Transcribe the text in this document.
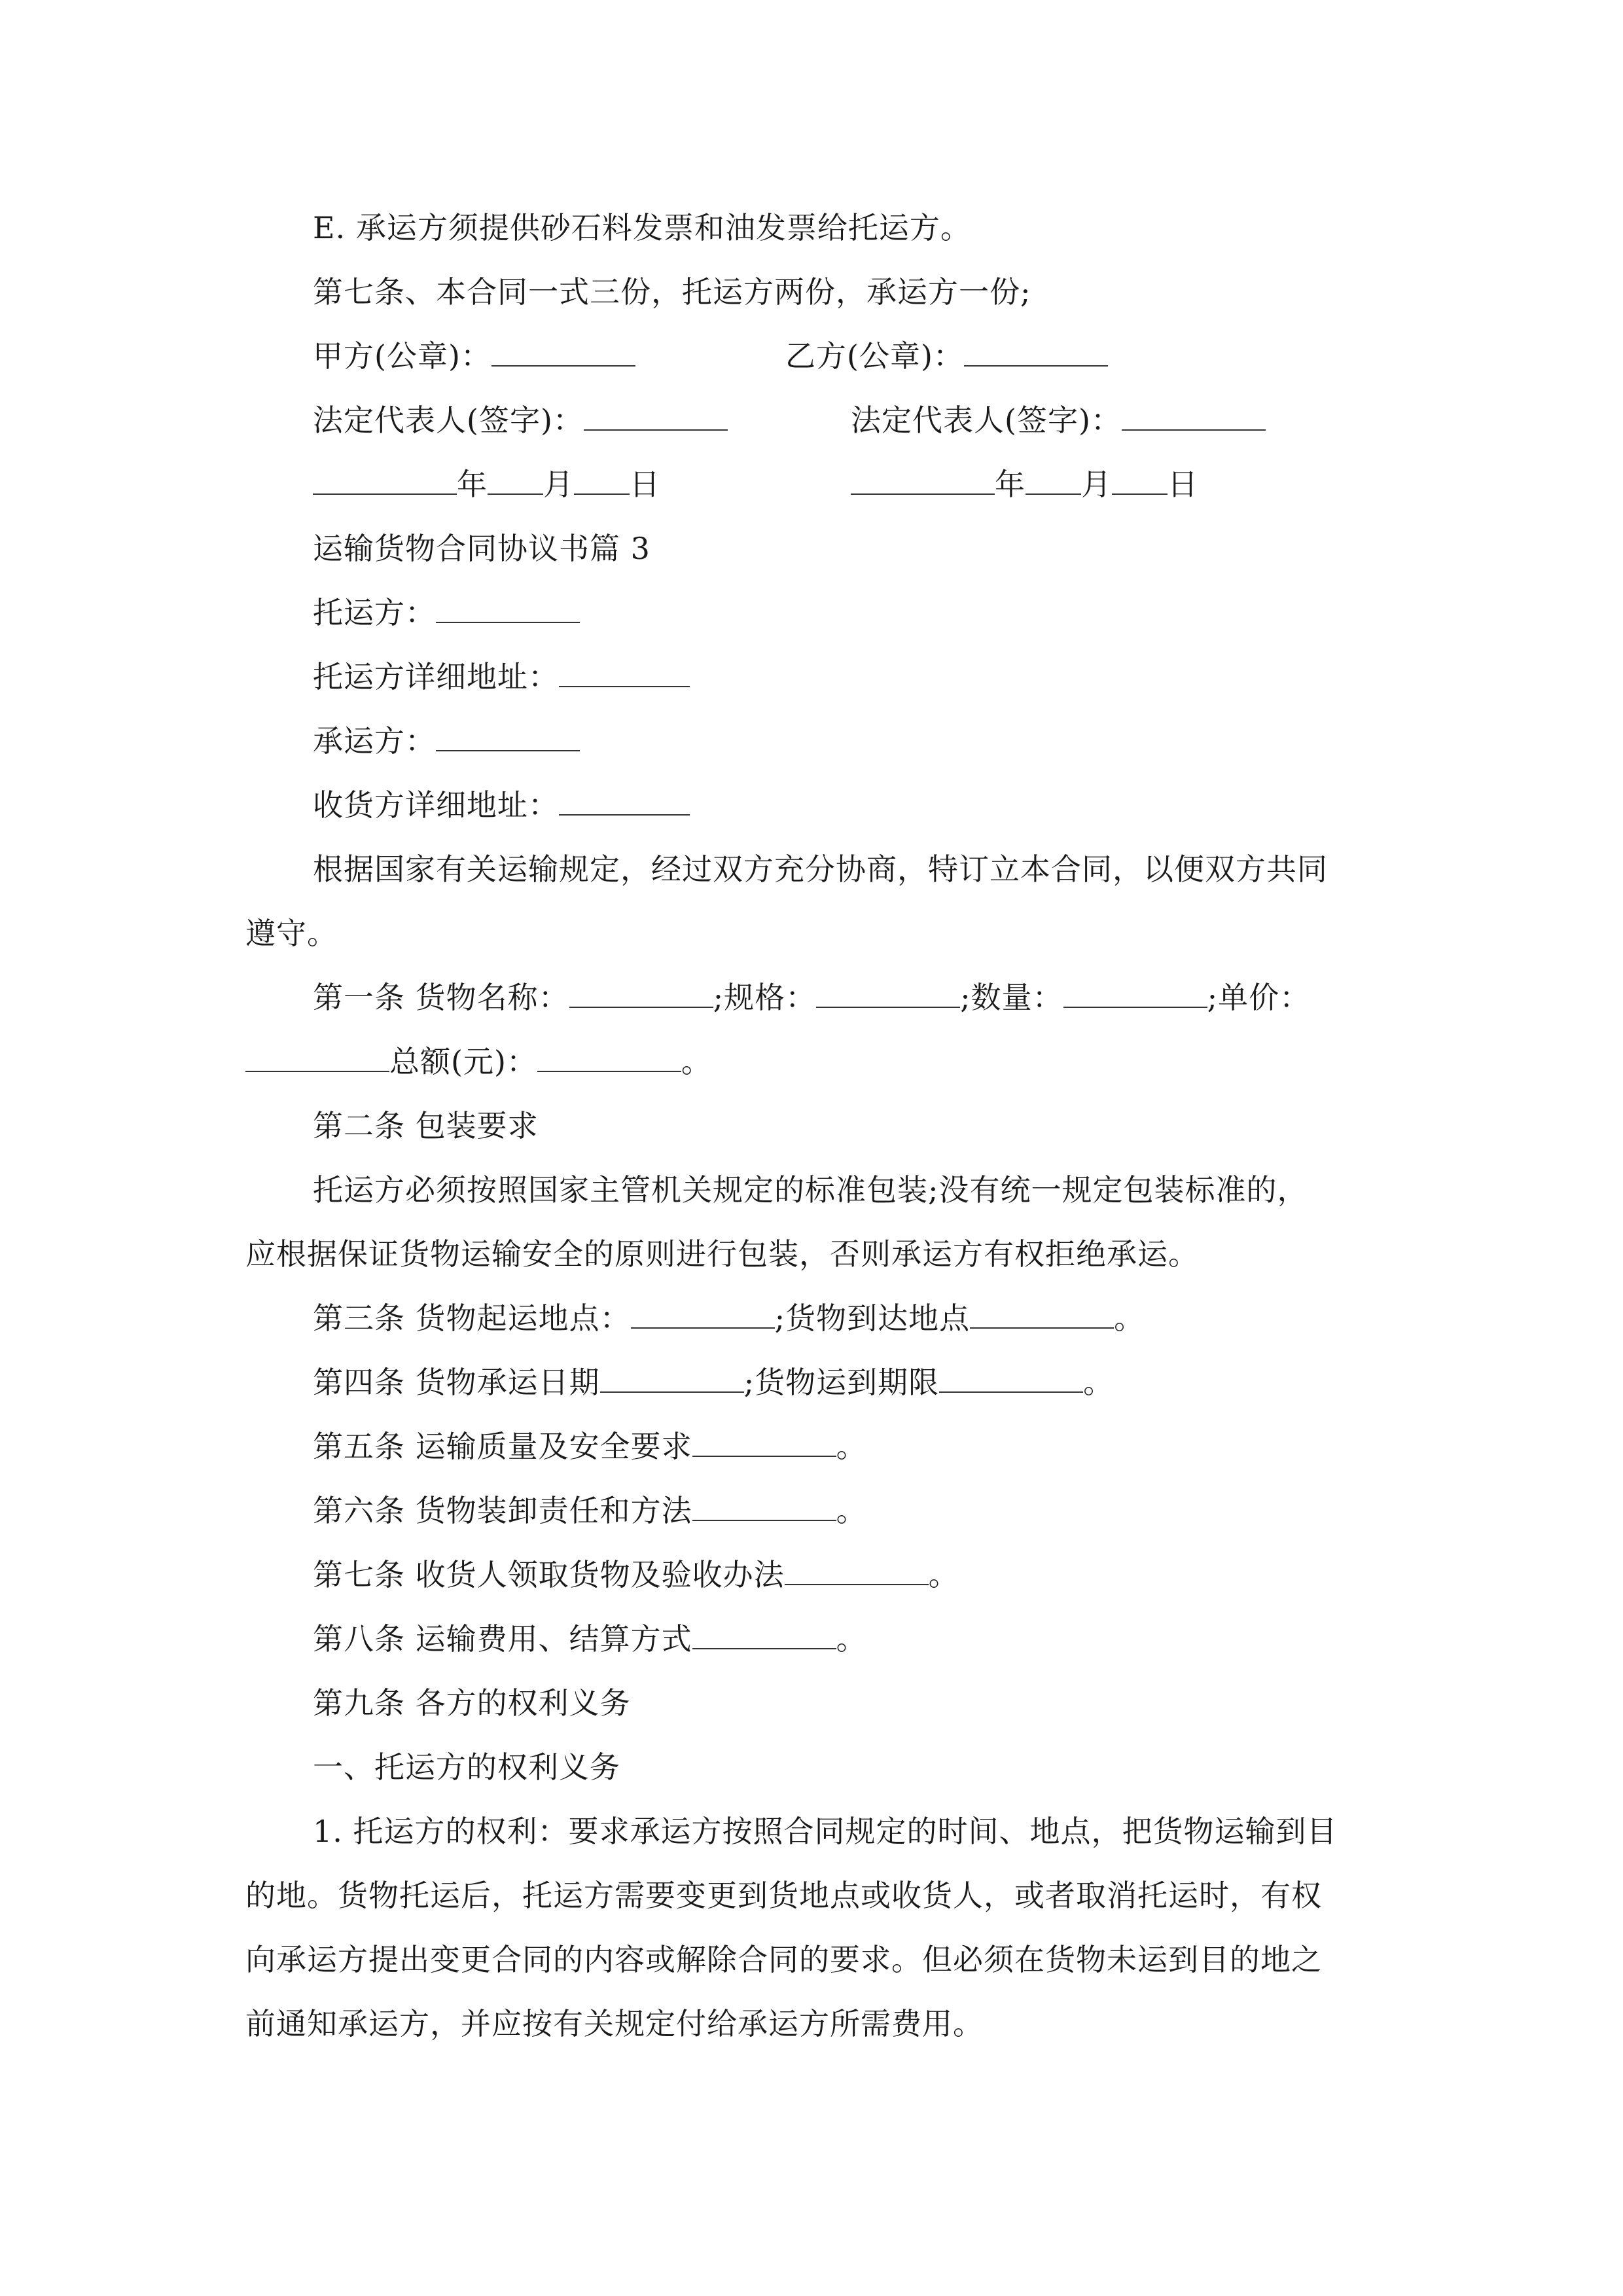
E. 承运方须提供砂石料发票和油发票给托运方。
第七条、本合同一式三份，托运方两份，承运方一份;
甲方(公章)：	乙方(公章)：
法定代表人(签字)：	法定代表人(签字)：
年 月 日	年 月 日
运输货物合同协议书篇 3
托运方：
托运方详细地址：
承运方：
收货方详细地址：
根据国家有关运输规定，经过双方充分协商，特订立本合同，以便双方共同
遵守。
第一条 货物名称：	;规格：	;数量：	;单价：
总额(元)：	。
第二条 包装要求
托运方必须按照国家主管机关规定的标准包装;没有统一规定包装标准的，
应根据保证货物运输安全的原则进行包装，否则承运方有权拒绝承运。
第三条 货物起运地点：	;货物到达地点	。
第四条 货物承运日期	;货物运到期限	。
第五条 运输质量及安全要求	。
第六条 货物装卸责任和方法	。
第七条 收货人领取货物及验收办法	。
第八条 运输费用、结算方式	。
第九条 各方的权利义务
一、托运方的权利义务
1. 托运方的权利：要求承运方按照合同规定的时间、地点，把货物运输到目
的地。货物托运后，托运方需要变更到货地点或收货人，或者取消托运时，有权
向承运方提出变更合同的内容或解除合同的要求。但必须在货物未运到目的地之
前通知承运方，并应按有关规定付给承运方所需费用。
